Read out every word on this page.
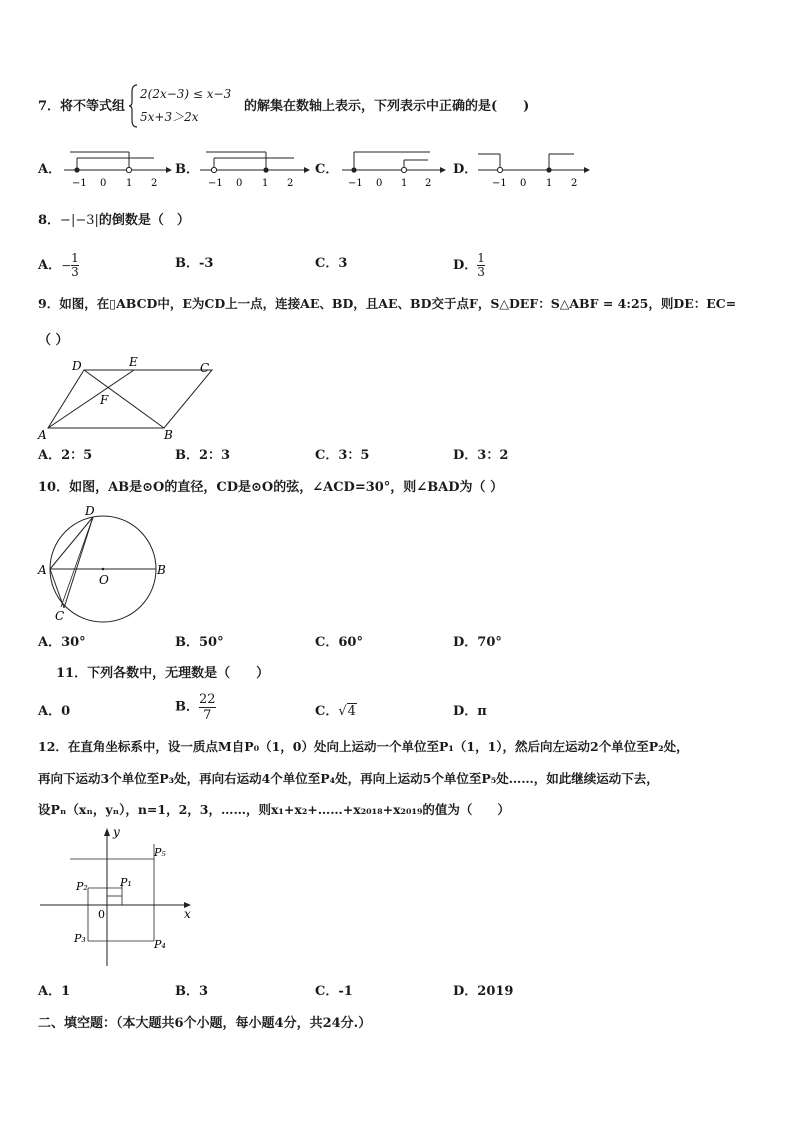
7．将不等式组
2(2x−3) ≤ x−3
5x+3＞2x
的解集在数轴上表示，下列表示中正确的是(　　)
A．
−1 0 1 2
B．
−1 0 1 2
C．
−1 0 1 2
D．
−1 0 1 2
8．−|−3|的倒数是（　）
A．− $\frac{1}{3}$	B．-3	C．3	D． $\frac{1}{3}$
9．如图，在▯ABCD中，E为CD上一点，连接AE、BD，且AE、BD交于点F，S△DEF：S△ABF = 4:25，则DE：EC=
（ ）
D	E	C
F
A	B
A．2：5	B．2：3	C．3：5	D．3：2
10．如图，AB是⊙O的直径，CD是⊙O的弦，∠ACD=30°，则∠BAD为（ ）
D
A
O
B
C
A．30°	B．50°	C．60°	D．70°
11．下列各数中，无理数是（　　）
A．0	B． $\frac{22}{7}$	C．√4	D．π
12．在直角坐标系中，设一质点M自P₀（1，0）处向上运动一个单位至P₁（1，1），然后向左运动2个单位至P₂处，
再向下运动3个单位至P₃处，再向右运动4个单位至P₄处，再向上运动5个单位至P₅处……，如此继续运动下去，
设Pₙ（xₙ，yₙ），n=1，2，3，……，则x₁+x₂+……+x₂₀₁₈+x₂₀₁₉的值为（　　）
y
x
0
P₅
P₁
P₂
P₃	P₄
A．1	B．3	C．-1	D．2019
二、填空题：（本大题共6个小题，每小题4分，共24分.）
